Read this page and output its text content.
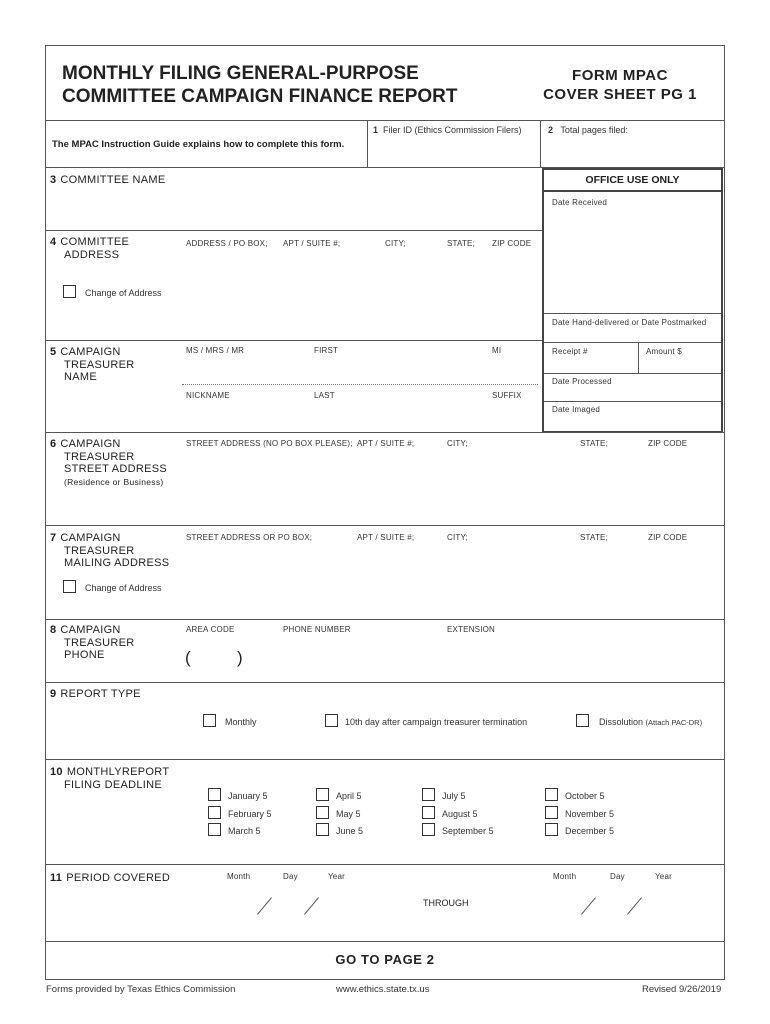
MONTHLY FILING GENERAL-PURPOSE
COMMITTEE CAMPAIGN FINANCE REPORT
FORM MPAC
COVER SHEET PG 1
The MPAC Instruction Guide explains how to complete this form.
1 Filer ID (Ethics Commission Filers)	2 Total pages filed:
OFFICE USE ONLY
Date Received
Date Hand-delivered or Date Postmarked
Receipt #	Amount $
Date Processed
Date Imaged
3 COMMITTEE NAME
4 COMMITTEE
ADDRESS
ADDRESS / PO BOX; APT / SUITE #;	CITY;	STATE; ZIP CODE
Change of Address
5 CAMPAIGN
TREASURER
NAME
MS / MRS / MR	FIRST	MI
NICKNAME	LAST	SUFFIX
6 CAMPAIGN
TREASURER
STREET ADDRESS
(Residence or Business)
STREET ADDRESS (NO PO BOX PLEASE); APT / SUITE #;	CITY;	STATE;	ZIP CODE
7 CAMPAIGN
TREASURER
MAILING ADDRESS
STREET ADDRESS OR PO BOX;	APT / SUITE #;	CITY;	STATE;	ZIP CODE
Change of Address
8 CAMPAIGN
TREASURER
PHONE
AREA CODE	PHONE NUMBER	EXTENSION
(	)
9 REPORT TYPE
Monthly	10th day after campaign treasurer termination	Dissolution (Attach PAC-DR)
10 MONTHLYREPORT
FILING DEADLINE
January 5
February 5
March 5
April 5
May 5
June 5
July 5
August 5
September 5
October 5
November 5
December 5
11 PERIOD COVERED	Month	Day	Year
THROUGH
Month	Day	Year
GO TO PAGE 2
Forms provided by Texas Ethics Commission	www.ethics.state.tx.us	Revised 9/26/2019
